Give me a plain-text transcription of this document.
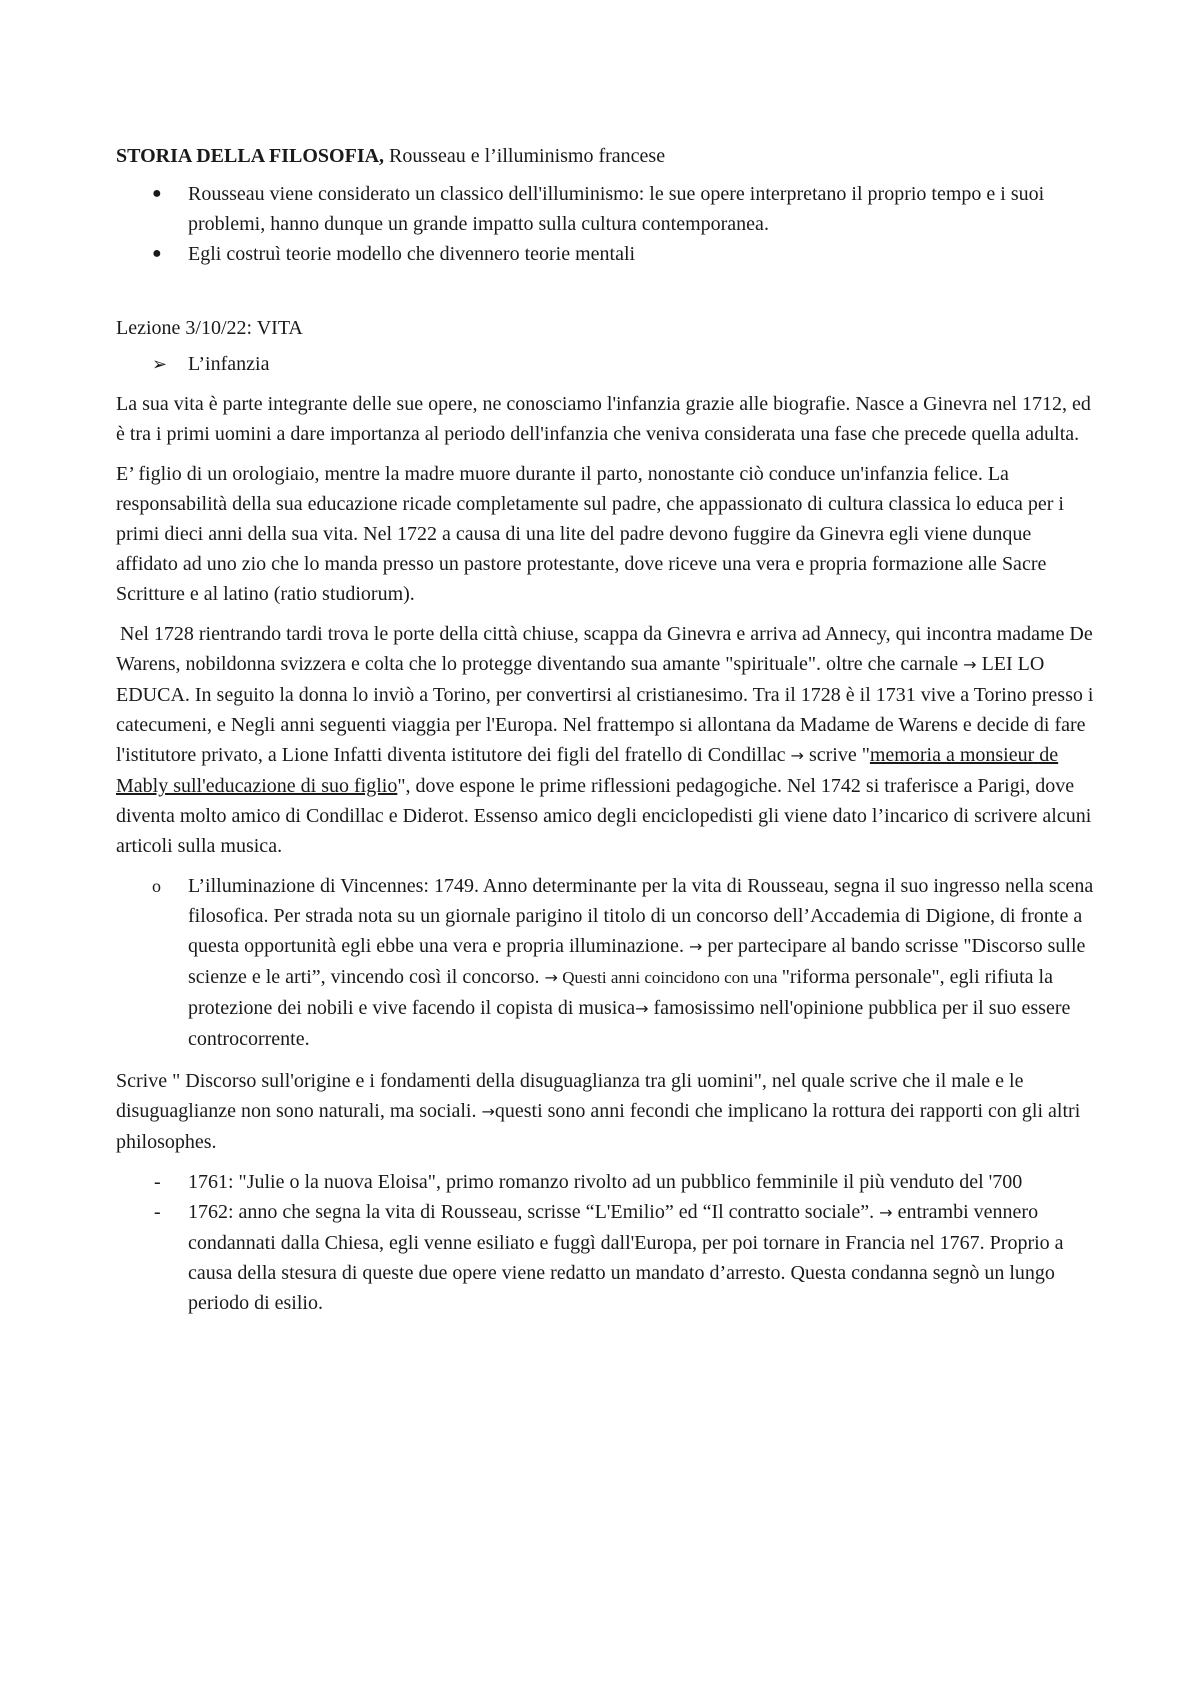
STORIA DELLA FILOSOFIA, Rousseau e l’illuminismo francese
●	Rousseau viene considerato un classico dell'illuminismo: le sue opere interpretano il proprio tempo e i suoi problemi, hanno dunque un grande impatto sulla cultura contemporanea.
●	Egli costruì teorie modello che divennero teorie mentali
Lezione 3/10/22: VITA
➢ L’infanzia

La sua vita è parte integrante delle sue opere, ne conosciamo l'infanzia grazie alle biografie. Nasce a Ginevra nel 1712, ed è tra i primi uomini a dare importanza al periodo dell'infanzia che veniva considerata una fase che precede quella adulta.

E’ figlio di un orologiaio, mentre la madre muore durante il parto, nonostante ciò conduce un'infanzia felice. La responsabilità della sua educazione ricade completamente sul padre, che appassionato di cultura classica lo educa per i primi dieci anni della sua vita. Nel 1722 a causa di una lite del padre devono fuggire da Ginevra egli viene dunque affidato ad uno zio che lo manda presso un pastore protestante, dove riceve una vera e propria formazione alle Sacre Scritture e al latino (ratio studiorum).

Nel 1728 rientrando tardi trova le porte della città chiuse, scappa da Ginevra e arriva ad Annecy, qui incontra madame De Warens, nobildonna svizzera e colta che lo protegge diventando sua amante "spirituale". oltre che carnale → LEI LO EDUCA. In seguito la donna lo inviò a Torino, per convertirsi al cristianesimo. Tra il 1728 è il 1731 vive a Torino presso i catecumeni, e Negli anni seguenti viaggia per l'Europa. Nel frattempo si allontana da Madame de Warens e decide di fare l'istitutore privato, a Lione Infatti diventa istitutore dei figli del fratello di Condillac → scrive "memoria a monsieur de Mably sull'educazione di suo figlio", dove espone le prime riflessioni pedagogiche. Nel 1742 si traferisce a Parigi, dove diventa molto amico di Condillac e Diderot. Essenso amico degli enciclopedisti gli viene dato l’incarico di scrivere alcuni articoli sulla musica.

o L’illuminazione di Vincennes: 1749. Anno determinante per la vita di Rousseau, segna il suo ingresso nella scena filosofica. Per strada nota su un giornale parigino il titolo di un concorso dell’Accademia di Digione, di fronte a questa opportunità egli ebbe una vera e propria illuminazione. → per partecipare al bando scrisse "Discorso sulle scienze e le arti”, vincendo così il concorso. → Questi anni coincidono con una "riforma personale", egli rifiuta la protezione dei nobili e vive facendo il copista di musica→ famosissimo nell'opinione pubblica per il suo essere controcorrente.

Scrive " Discorso sull'origine e i fondamenti della disuguaglianza tra gli uomini", nel quale scrive che il male e le disuguaglianze non sono naturali, ma sociali. →questi sono anni fecondi che implicano la rottura dei rapporti con gli altri philosophes.

- 1761: "Julie o la nuova Eloisa", primo romanzo rivolto ad un pubblico femminile il più venduto del '700
- 1762: anno che segna la vita di Rousseau, scrisse “L'Emilio” ed “Il contratto sociale”. → entrambi vennero condannati dalla Chiesa, egli venne esiliato e fuggì dall'Europa, per poi tornare in Francia nel 1767. Proprio a causa della stesura di queste due opere viene redatto un mandato d’arresto. Questa condanna segnò un lungo periodo di esilio.
